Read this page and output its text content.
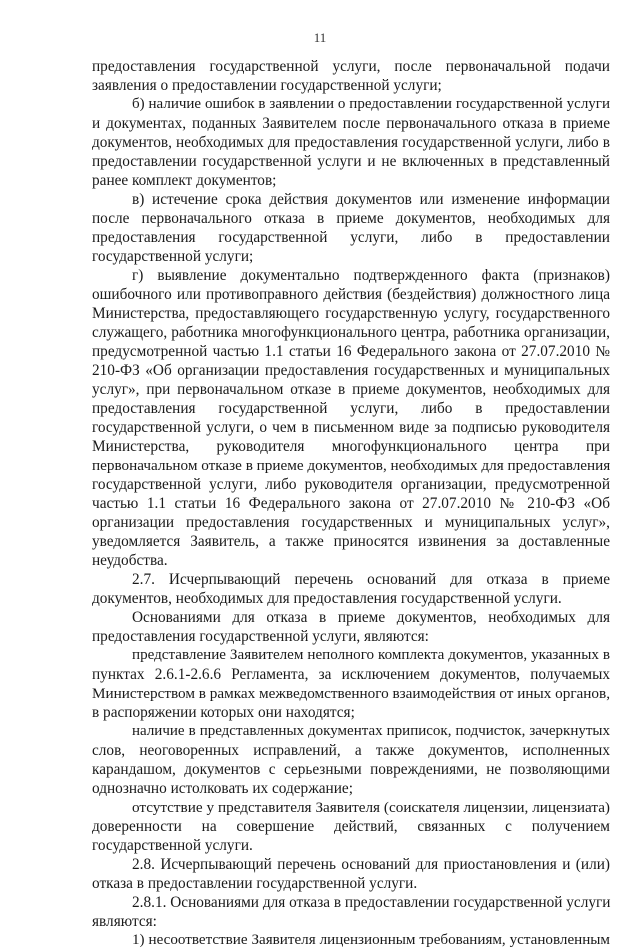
11
предоставления государственной услуги, после первоначальной подачи
заявления о предоставлении государственной услуги;
б) наличие ошибок в заявлении о предоставлении государственной услуги
и документах, поданных Заявителем после первоначального отказа в приеме
документов, необходимых для предоставления государственной услуги, либо в
предоставлении государственной услуги и не включенных в представленный
ранее комплект документов;
в) истечение срока действия документов или изменение информации
после первоначального отказа в приеме документов, необходимых для
предоставления государственной услуги, либо в предоставлении
государственной услуги;
г) выявление документально подтвержденного факта (признаков)
ошибочного или противоправного действия (бездействия) должностного лица
Министерства, предоставляющего государственную услугу, государственного
служащего, работника многофункционального центра, работника организации,
предусмотренной частью 1.1 статьи 16 Федерального закона от 27.07.2010 №
210-ФЗ «Об организации предоставления государственных и муниципальных
услуг», при первоначальном отказе в приеме документов, необходимых для
предоставления государственной услуги, либо в предоставлении
государственной услуги, о чем в письменном виде за подписью руководителя
Министерства, руководителя многофункционального центра при
первоначальном отказе в приеме документов, необходимых для предоставления
государственной услуги, либо руководителя организации, предусмотренной
частью 1.1 статьи 16 Федерального закона от 27.07.2010 № 210-ФЗ «Об
организации предоставления государственных и муниципальных услуг»,
уведомляется Заявитель, а также приносятся извинения за доставленные
неудобства.
2.7. Исчерпывающий перечень оснований для отказа в приеме
документов, необходимых для предоставления государственной услуги.
Основаниями для отказа в приеме документов, необходимых для
предоставления государственной услуги, являются:
представление Заявителем неполного комплекта документов, указанных в
пунктах 2.6.1-2.6.6 Регламента, за исключением документов, получаемых
Министерством в рамках межведомственного взаимодействия от иных органов,
в распоряжении которых они находятся;
наличие в представленных документах приписок, подчисток, зачеркнутых
слов, неоговоренных исправлений, а также документов, исполненных
карандашом, документов с серьезными повреждениями, не позволяющими
однозначно истолковать их содержание;
отсутствие у представителя Заявителя (соискателя лицензии, лицензиата)
доверенности на совершение действий, связанных с получением
государственной услуги.
2.8. Исчерпывающий перечень оснований для приостановления и (или)
отказа в предоставлении государственной услуги.
2.8.1. Основаниями для отказа в предоставлении государственной услуги
являются:
1) несоответствие Заявителя лицензионным требованиям, установленным
